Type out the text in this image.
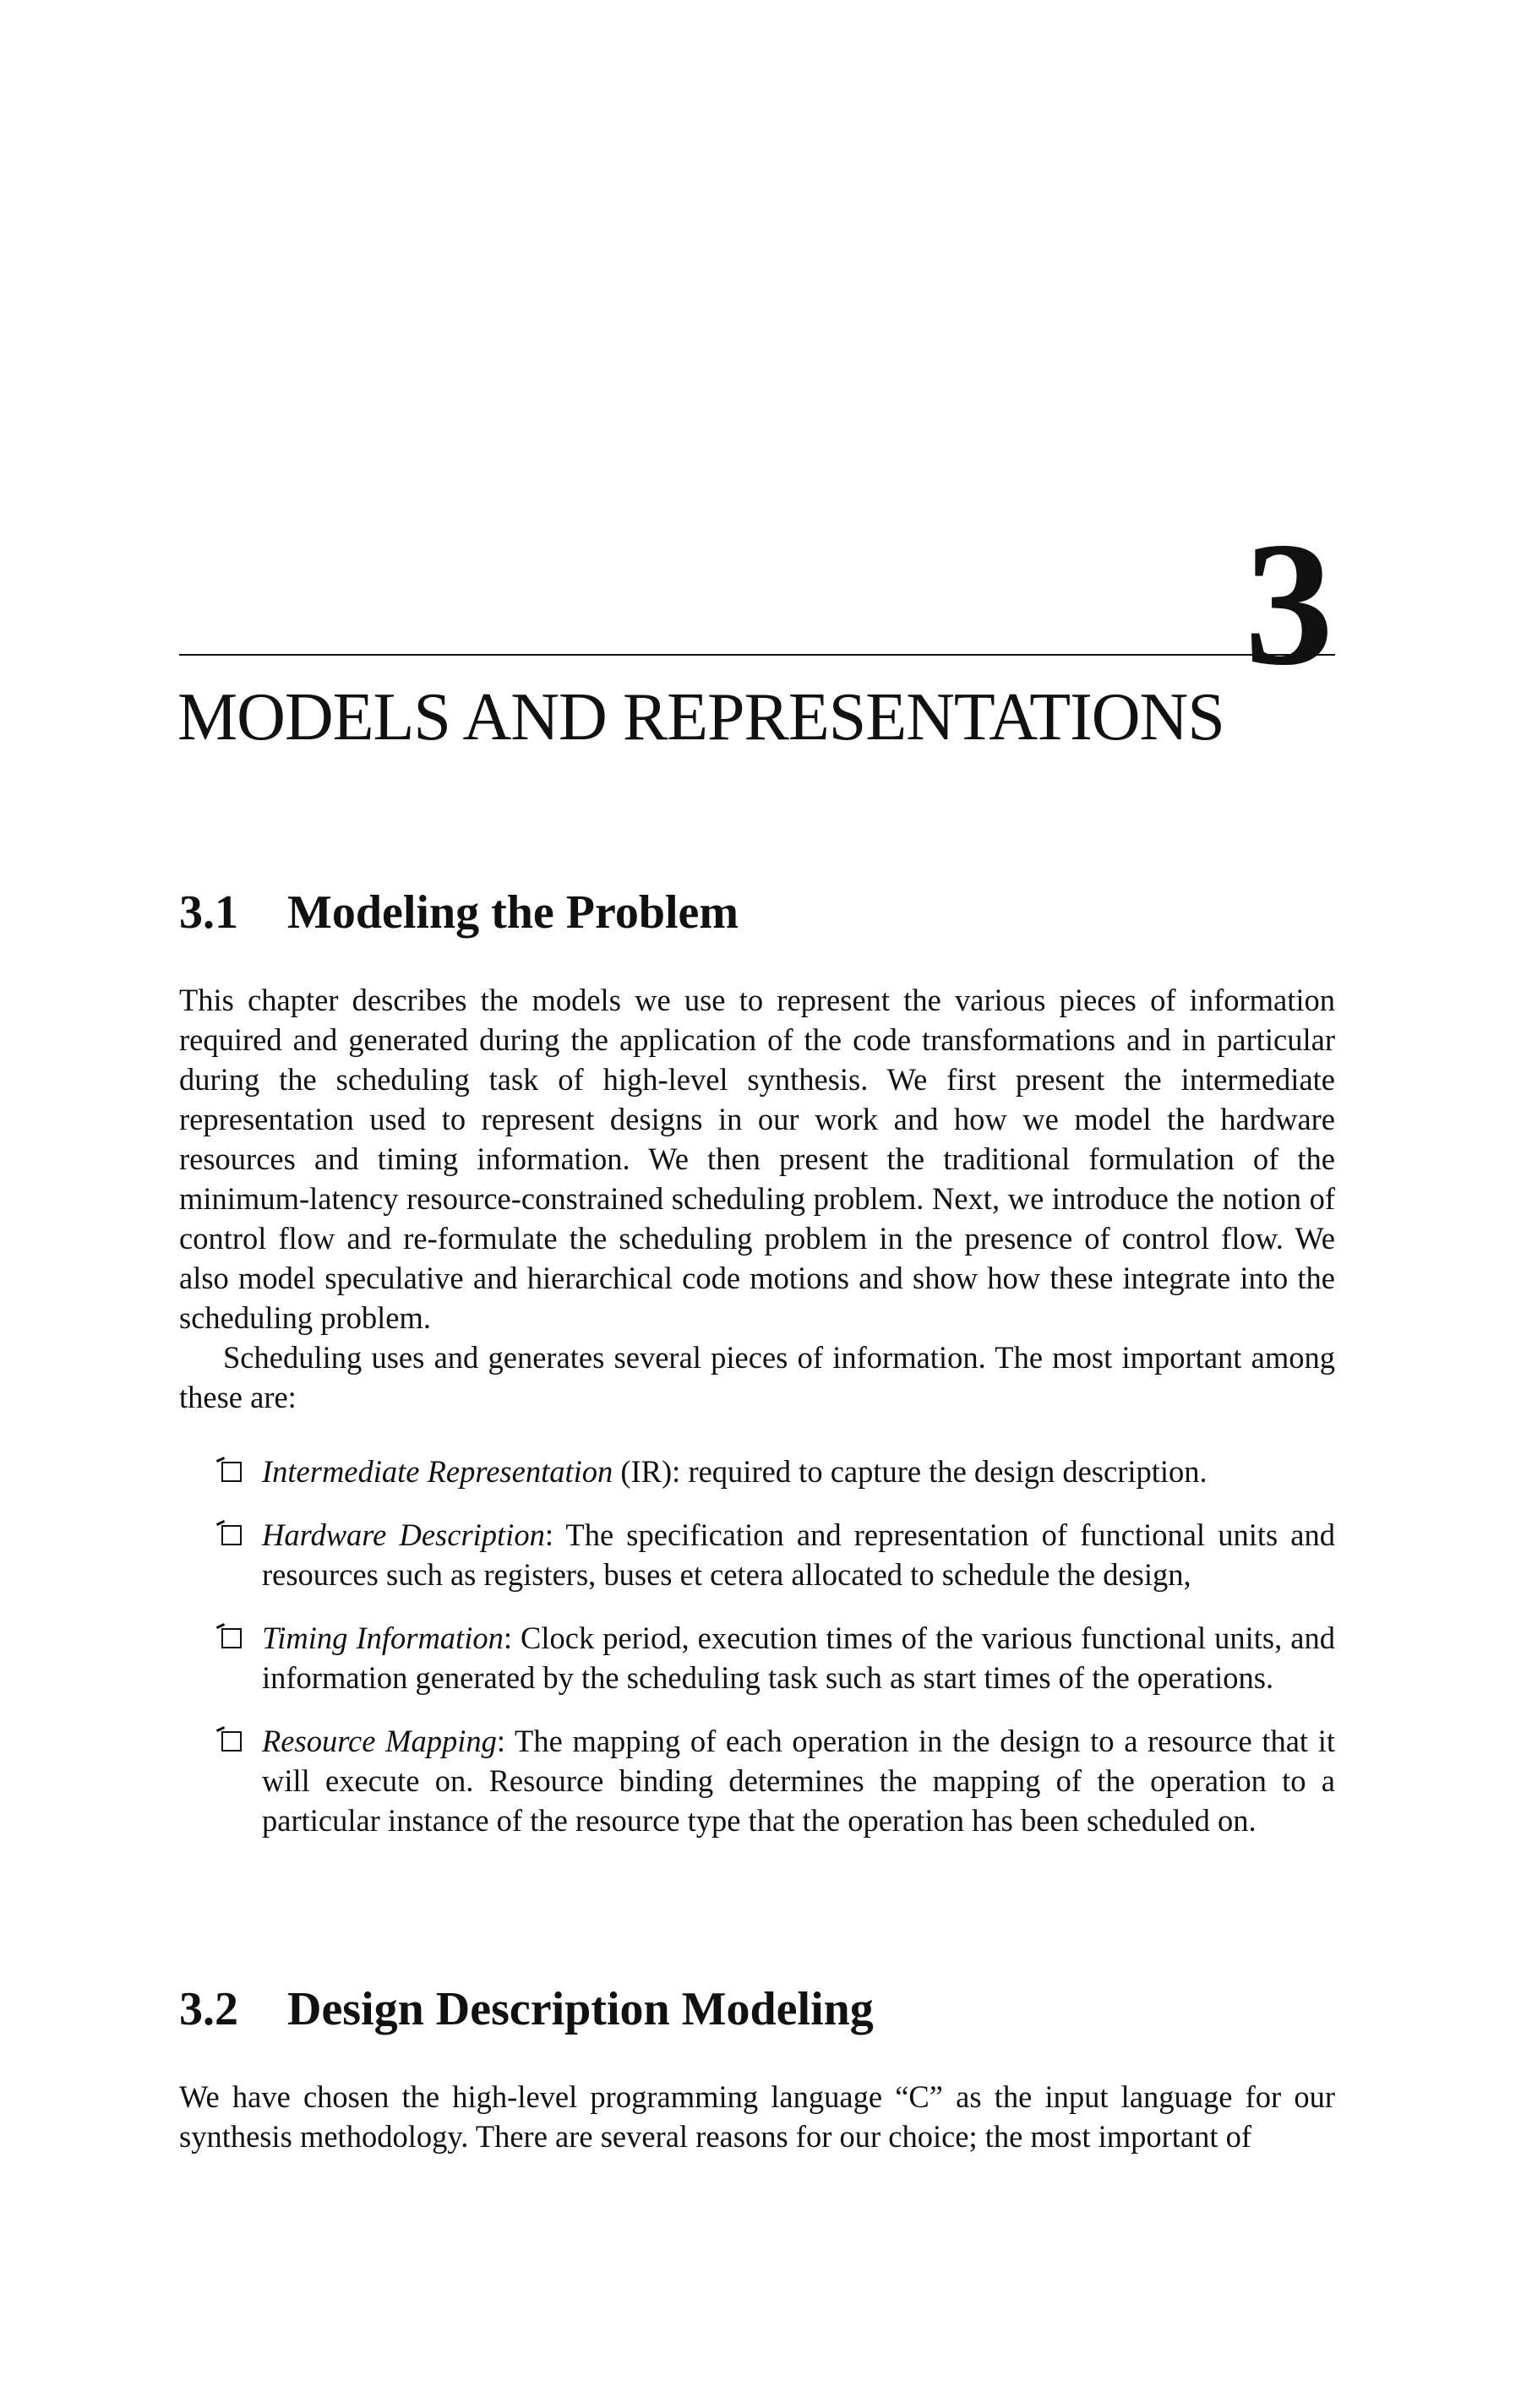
3
MODELS AND REPRESENTATIONS
3.1 Modeling the Problem

This chapter describes the models we use to represent the various pieces of information required and generated during the application of the code transformations and in particular during the scheduling task of high-level synthesis. We first present the intermediate representation used to represent designs in our work and how we model the hardware resources and timing information. We then present the traditional formulation of the minimum-latency resource-constrained scheduling problem. Next, we introduce the notion of control flow and re-formulate the scheduling problem in the presence of control flow. We also model speculative and hierarchical code motions and show how these integrate into the scheduling problem.

Scheduling uses and generates several pieces of information. The most important among these are:

Intermediate Representation (IR): required to capture the design description.
Hardware Description: The specification and representation of functional units and resources such as registers, buses et cetera allocated to schedule the design,
Timing Information: Clock period, execution times of the various functional units, and information generated by the scheduling task such as start times of the operations.
Resource Mapping: The mapping of each operation in the design to a resource that it will execute on. Resource binding determines the mapping of the operation to a particular instance of the resource type that the operation has been scheduled on.
3.2 Design Description Modeling

We have chosen the high-level programming language “C” as the input language for our synthesis methodology. There are several reasons for our choice; the most important of
